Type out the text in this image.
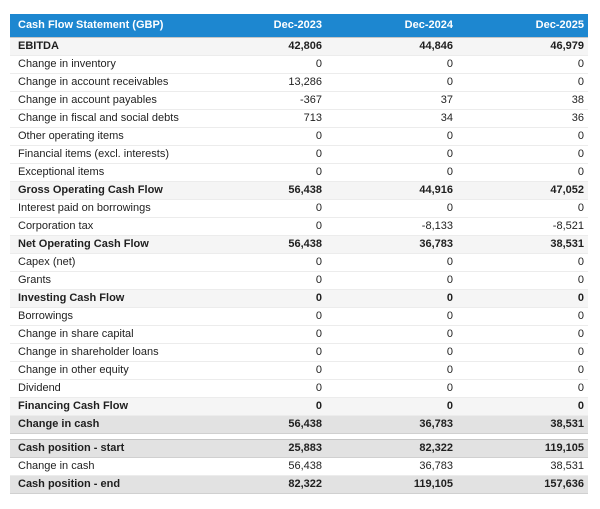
Cash Flow Statement (GBP)	Dec-2023	Dec-2024	Dec-2025
EBITDA	42,806	44,846	46,979
Change in inventory	0	0	0
Change in account receivables	13,286	0	0
Change in account payables	-367	37	38
Change in fiscal and social debts	713	34	36
Other operating items	0	0	0
Financial items (excl. interests)	0	0	0
Exceptional items	0	0	0
Gross Operating Cash Flow	56,438	44,916	47,052
Interest paid on borrowings	0	0	0
Corporation tax	0	-8,133	-8,521
Net Operating Cash Flow	56,438	36,783	38,531
Capex (net)	0	0	0
Grants	0	0	0
Investing Cash Flow	0	0	0
Borrowings	0	0	0
Change in share capital	0	0	0
Change in shareholder loans	0	0	0
Change in other equity	0	0	0
Dividend	0	0	0
Financing Cash Flow	0	0	0
Change in cash	56,438	36,783	38,531

Cash position - start	25,883	82,322	119,105
Change in cash	56,438	36,783	38,531
Cash position - end	82,322	119,105	157,636
